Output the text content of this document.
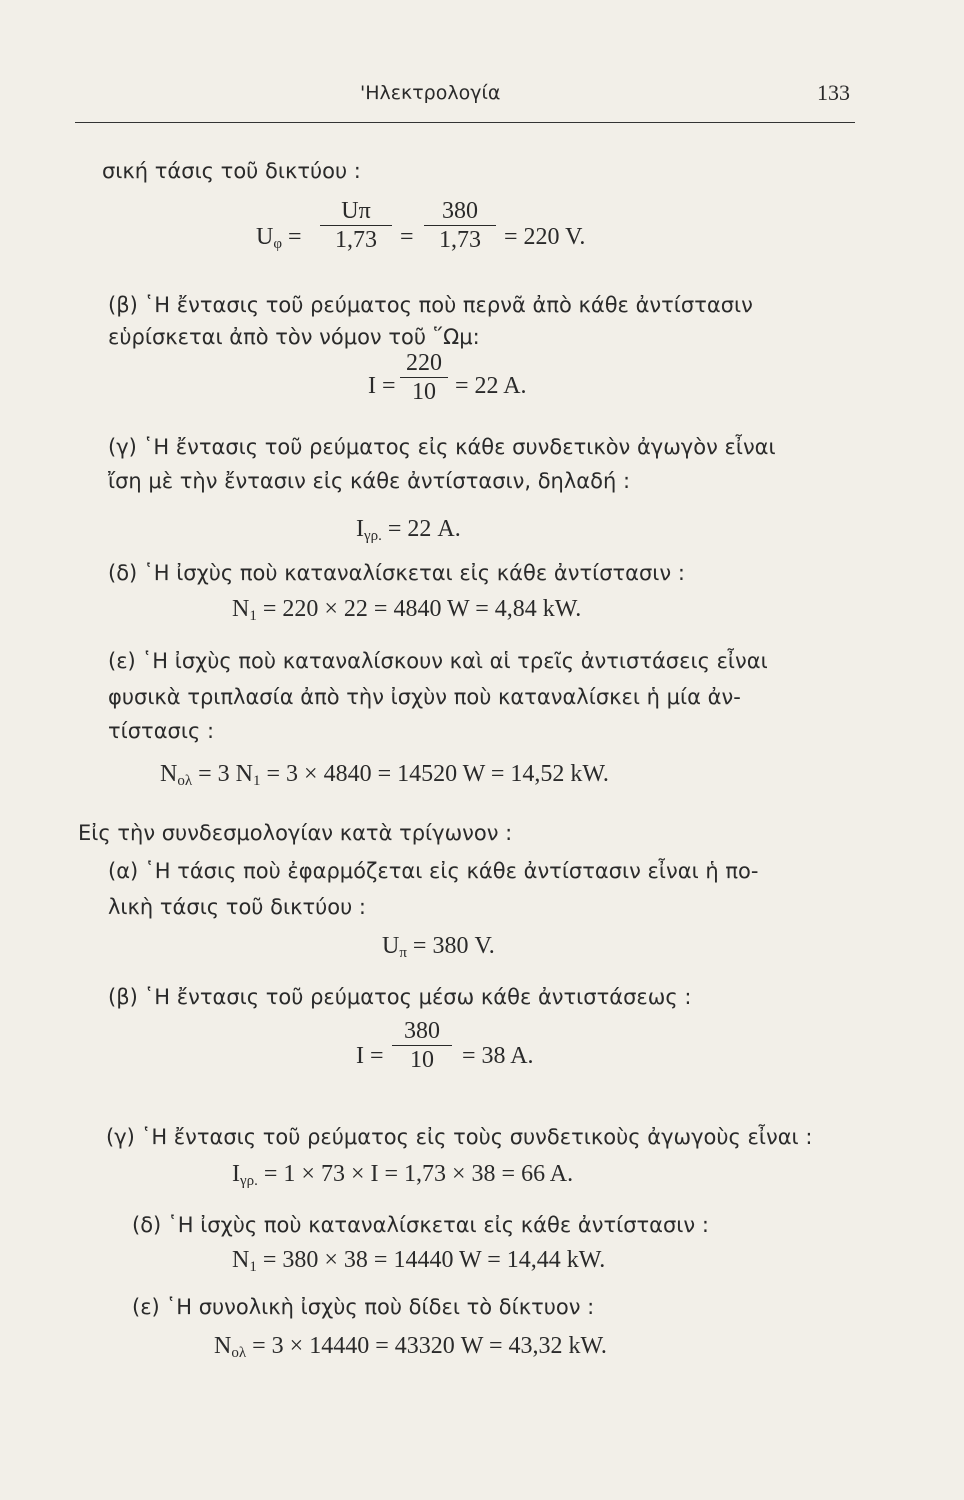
'Ηλεκτρολογία	133
σική τάσις τοῦ δικτύου :
$U_\varphi$ =
Uπ
1,73 =
380
1,73 = 220 V.
(β) ῾Η ἔντασις τοῦ ρεύματος ποὺ περνᾶ ἀπὸ κάθε ἀντίστασιν
εὑρίσκεται ἀπὸ τὸν νόμον τοῦ ῞Ωμ:
I =
220
10 = 22 A.
(γ) ῾Η ἔντασις τοῦ ρεύματος εἰς κάθε συνδετικὸν ἀγωγὸν εἶναι
ἴση μὲ τὴν ἔντασιν εἰς κάθε ἀντίστασιν, δηλαδή :
$I_{\gamma\rho.} = 22$ A.
(δ) ῾Η ἰσχὺς ποὺ καταναλίσκεται εἰς κάθε ἀντίστασιν :
$N_1 = 220 \times 22 = 4840$ W = 4,84 kW.
(ε) ῾Η ἰσχὺς ποὺ καταναλίσκουν καὶ αἱ τρεῖς ἀντιστάσεις εἶναι
φυσικὰ τριπλασία ἀπὸ τὴν ἰσχὺν ποὺ καταναλίσκει ἡ μία ἀν-
τίστασις :
$N_{o\lambda} = 3$ $N_1 = 3 \times 4840 = 14520$ W = 14,52 kW.
Εἰς τὴν συνδεσμολογίαν κατὰ τρίγωνον :
(α) ῾Η τάσις ποὺ ἐφαρμόζεται εἰς κάθε ἀντίστασιν εἶναι ἡ πο-
λικὴ τάσις τοῦ δικτύου :
$U_\pi = 380$ V.
(β) ῾Η ἔντασις τοῦ ρεύματος μέσω κάθε ἀντιστάσεως :
I =
380
10	= 38 A.
(γ) ῾Η ἔντασις τοῦ ρεύματος εἰς τοὺς συνδετικοὺς ἀγωγοὺς εἶναι :
$I_{\gamma\rho.} = 1 \times 73 \times I = 1,73 \times 38 = 66$ A.
(δ) ῾Η ἰσχὺς ποὺ καταναλίσκεται εἰς κάθε ἀντίστασιν :
$N_1 = 380 \times 38 = 14440$ W = 14,44 kW.
(ε) ῾Η συνολικὴ ἰσχὺς ποὺ δίδει τὸ δίκτυον :
$N_{o\lambda} = 3 \times 14440 = 43320$ W = 43,32 kW.
